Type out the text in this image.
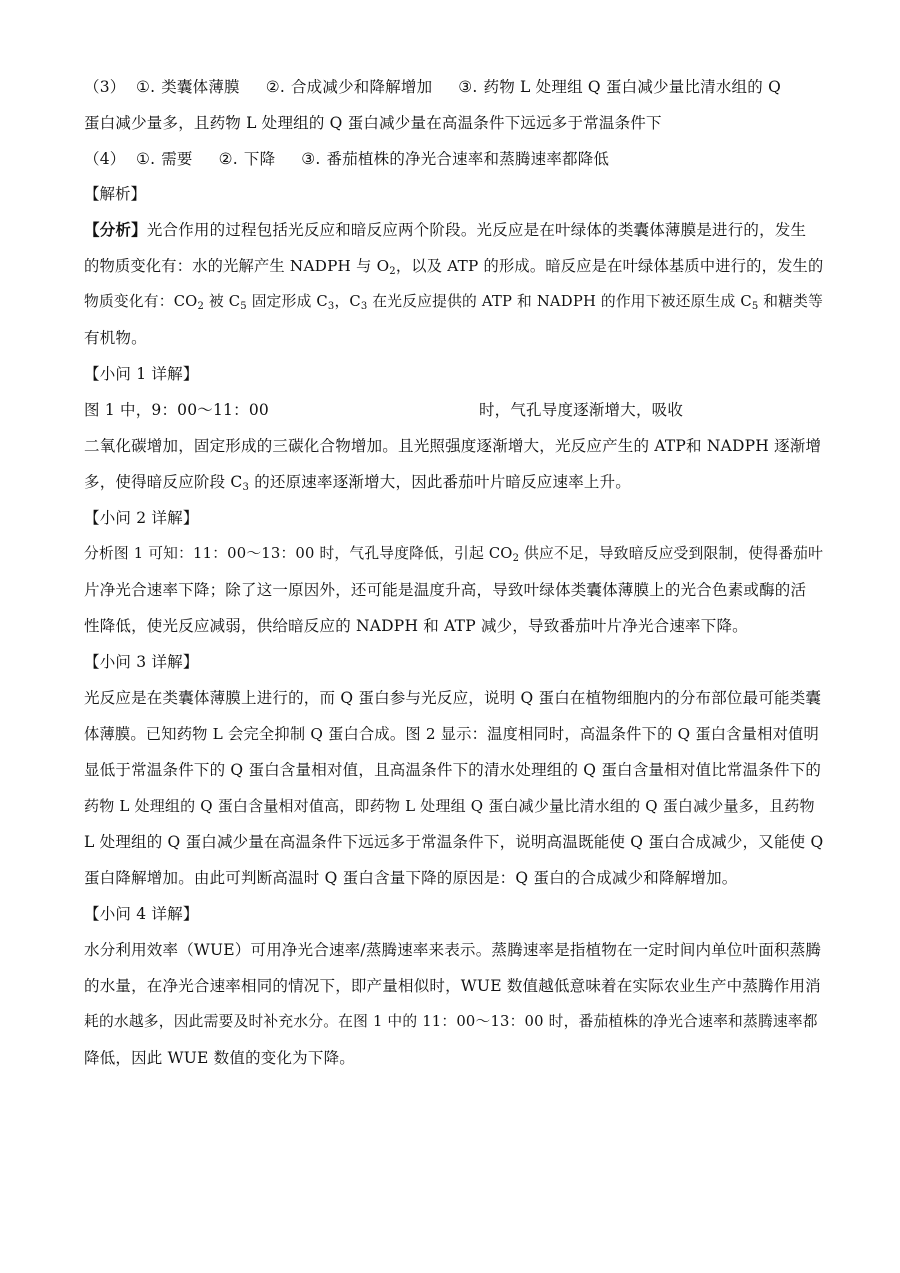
（3） ①. 类囊体薄膜 ②. 合成减少和降解增加 ③. 药物 L 处理组 Q 蛋白减少量比清水组的 Q
蛋白减少量多，且药物 L 处理组的 Q 蛋白减少量在高温条件下远远多于常温条件下
（4） ①. 需要 ②. 下降 ③. 番茄植株的净光合速率和蒸腾速率都降低
【解析】
【分析】光合作用的过程包括光反应和暗反应两个阶段。光反应是在叶绿体的类囊体薄膜是进行的，发生
的物质变化有：水的光解产生 NADPH 与 $O_2$，以及 ATP 的形成。暗反应是在叶绿体基质中进行的，发生的
物质变化有：$CO_2$ 被 $C_5$ 固定形成 $C_3$，$C_3$ 在光反应提供的 ATP 和 NADPH 的作用下被还原生成 $C_5$ 和糖类等
有机物。
【小问 1 详解】
图 1 中，9：00～11：00	时，气孔导度逐渐增大，吸收
二氧化碳增加，固定形成的三碳化合物增加。且光照强度逐渐增大，光反应产生的 ATP和 NADPH 逐渐增
多，使得暗反应阶段 $C_3$ 的还原速率逐渐增大，因此番茄叶片暗反应速率上升。
【小问 2 详解】
分析图 1 可知：11：00～13：00 时，气孔导度降低，引起 $CO_2$ 供应不足，导致暗反应受到限制，使得番茄叶
片净光合速率下降；除了这一原因外，还可能是温度升高，导致叶绿体类囊体薄膜上的光合色素或酶的活
性降低，使光反应减弱，供给暗反应的 NADPH 和 ATP 减少，导致番茄叶片净光合速率下降。
【小问 3 详解】
光反应是在类囊体薄膜上进行的，而 Q 蛋白参与光反应，说明 Q 蛋白在植物细胞内的分布部位最可能类囊
体薄膜。已知药物 L 会完全抑制 Q 蛋白合成。图 2 显示：温度相同时，高温条件下的 Q 蛋白含量相对值明
显低于常温条件下的 Q 蛋白含量相对值，且高温条件下的清水处理组的 Q 蛋白含量相对值比常温条件下的
药物 L 处理组的 Q 蛋白含量相对值高，即药物 L 处理组 Q 蛋白减少量比清水组的 Q 蛋白减少量多，且药物
L 处理组的 Q 蛋白减少量在高温条件下远远多于常温条件下，说明高温既能使 Q 蛋白合成减少，又能使 Q
蛋白降解增加。由此可判断高温时 Q 蛋白含量下降的原因是：Q 蛋白的合成减少和降解增加。
【小问 4 详解】
水分利用效率（WUE）可用净光合速率/蒸腾速率来表示。蒸腾速率是指植物在一定时间内单位叶面积蒸腾
的水量，在净光合速率相同的情况下，即产量相似时，WUE 数值越低意味着在实际农业生产中蒸腾作用消
耗的水越多，因此需要及时补充水分。在图 1 中的 11：00～13：00 时，番茄植株的净光合速率和蒸腾速率都
降低，因此 WUE 数值的变化为下降。
